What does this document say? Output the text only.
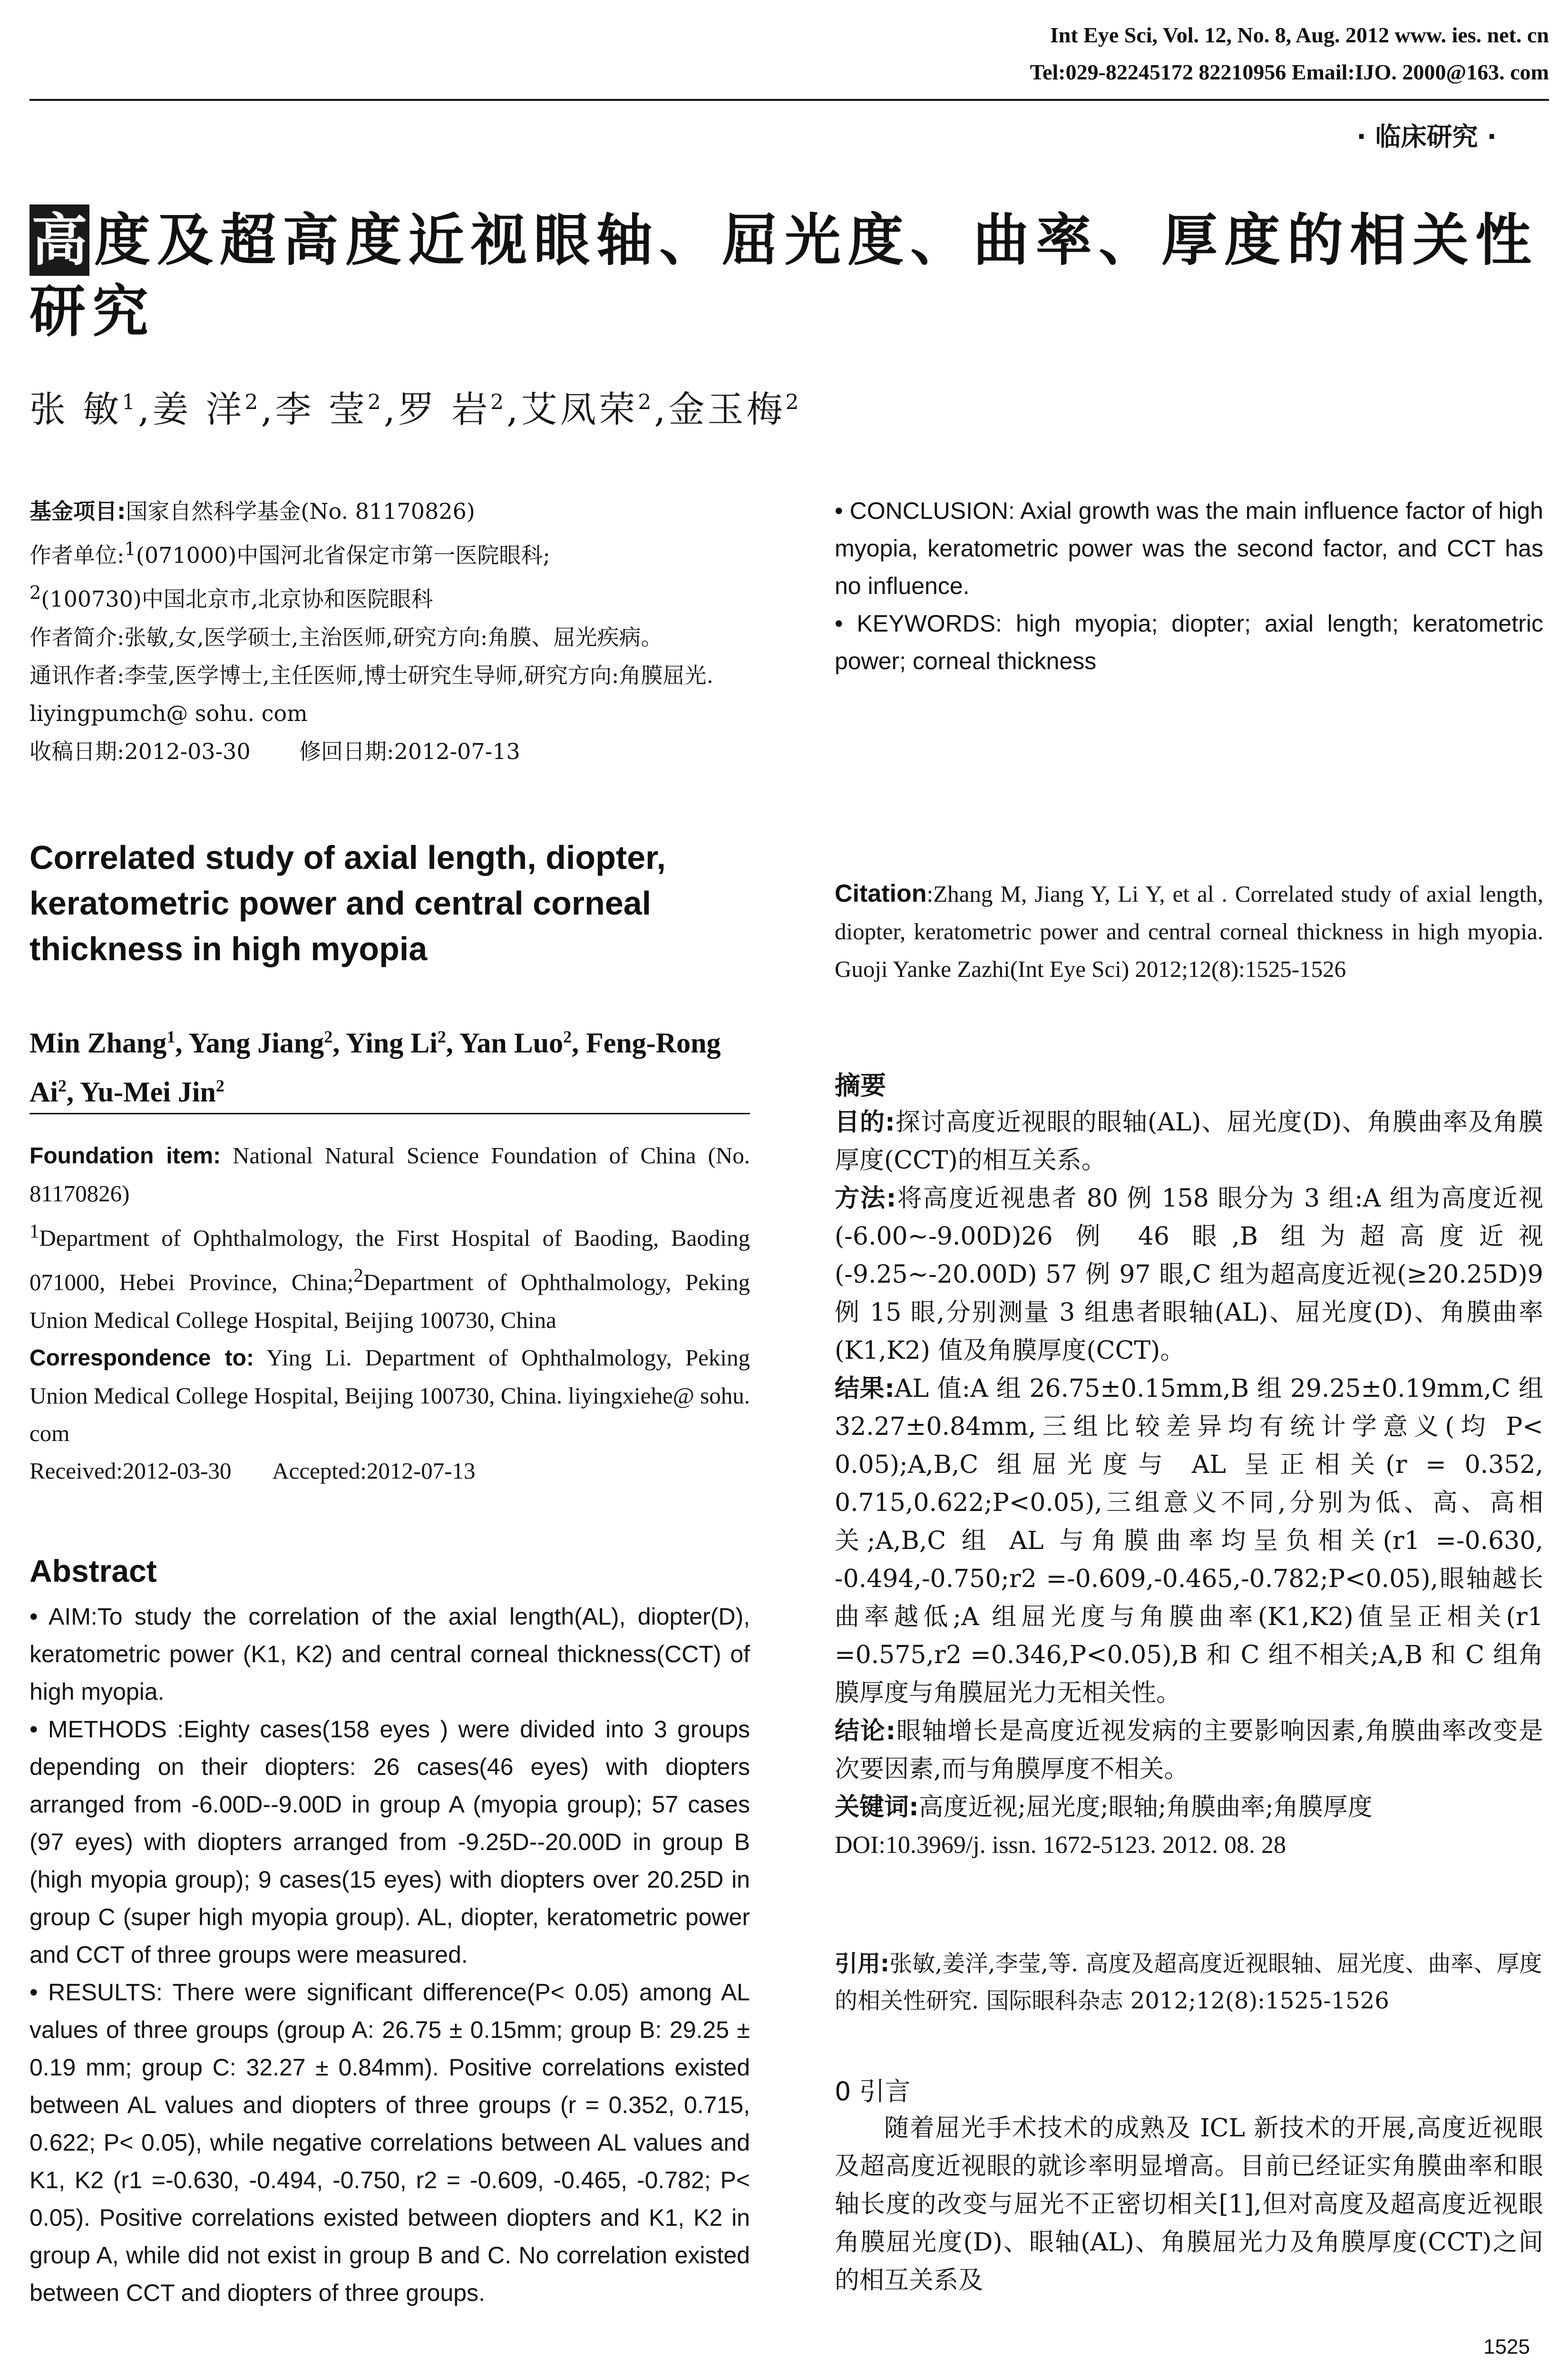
Int Eye Sci, Vol. 12, No. 8, Aug. 2012 www. ies. net. cn
Tel:029-82245172 82210956 Email:IJO. 2000@163. com
· 临床研究 ·
高 度及超高度近视眼轴、屈光度、曲率、厚度的相关性研究
张 敏$^1$,姜 洋$^2$,李 莹$^2$,罗 岩$^2$,艾凤荣$^2$,金玉梅$^2$

基金项目:国家自然科学基金(No. 81170826)

作者单位:$^1$(071000)中国河北省保定市第一医院眼科;

$^2$(100730)中国北京市,北京协和医院眼科

作者简介:张敏,女,医学硕士,主治医师,研究方向:角膜、屈光疾病。

通讯作者:李莹,医学博士,主任医师,博士研究生导师,研究方向:角膜屈光. liyingpumch@ sohu. com

收稿日期:2012-03-30 修回日期:2012-07-13

Correlated study of axial length, diopter, keratometric power and central corneal thickness in high myopia
Min Zhang$^1$, Yang Jiang$^2$, Ying Li$^2$, Yan Luo$^2$, Feng-Rong Ai$^2$, Yu-Mei Jin$^2$

Foundation item: National Natural Science Foundation of China (No. 81170826)

$^1$Department of Ophthalmology, the First Hospital of Baoding, Baoding 071000, Hebei Province, China;$^2$Department of Ophthalmology, Peking Union Medical College Hospital, Beijing 100730, China

Correspondence to: Ying Li. Department of Ophthalmology, Peking Union Medical College Hospital, Beijing 100730, China. liyingxiehe@ sohu. com

Received:2012-03-30 Accepted:2012-07-13

Abstract

• AIM:To study the correlation of the axial length(AL), diopter(D), keratometric power (K1, K2) and central corneal thickness(CCT) of high myopia.

• METHODS :Eighty cases(158 eyes ) were divided into 3 groups depending on their diopters: 26 cases(46 eyes) with diopters arranged from -6.00D--9.00D in group A (myopia group); 57 cases (97 eyes) with diopters arranged from -9.25D--20.00D in group B (high myopia group); 9 cases(15 eyes) with diopters over 20.25D in group C (super high myopia group). AL, diopter, keratometric power and CCT of three groups were measured.

• RESULTS: There were significant difference(P< 0.05) among AL values of three groups (group A: 26.75 ± 0.15mm; group B: 29.25 ± 0.19 mm; group C: 32.27 ± 0.84mm). Positive correlations existed between AL values and diopters of three groups (r = 0.352, 0.715, 0.622; P< 0.05), while negative correlations between AL values and K1, K2 (r1 =-0.630, -0.494, -0.750, r2 = -0.609, -0.465, -0.782; P< 0.05). Positive correlations existed between diopters and K1, K2 in group A, while did not exist in group B and C. No correlation existed between CCT and diopters of three groups.

• CONCLUSION: Axial growth was the main influence factor of high myopia, keratometric power was the second factor, and CCT has no influence.

• KEYWORDS: high myopia; diopter; axial length; keratometric power; corneal thickness

Citation:Zhang M, Jiang Y, Li Y, et al . Correlated study of axial length, diopter, keratometric power and central corneal thickness in high myopia. Guoji Yanke Zazhi(Int Eye Sci) 2012;12(8):1525-1526

摘要

目的:探讨高度近视眼的眼轴(AL)、屈光度(D)、角膜曲率及角膜厚度(CCT)的相互关系。

方法:将高度近视患者 80 例 158 眼分为 3 组:A 组为高度近视(-6.00~-9.00D)26 例 46 眼,B 组为超高度近视(-9.25~-20.00D) 57 例 97 眼,C 组为超高度近视(≥20.25D)9 例 15 眼,分别测量 3 组患者眼轴(AL)、屈光度(D)、角膜曲率(K1,K2) 值及角膜厚度(CCT)。

结果:AL 值:A 组 26.75±0.15mm,B 组 29.25±0.19mm,C 组 32.27±0.84mm,三组比较差异均有统计学意义(均 P< 0.05);A,B,C 组屈光度与 AL 呈正相关(r = 0.352, 0.715,0.622;P<0.05),三组意义不同,分别为低、高、高相关;A,B,C 组 AL 与角膜曲率均呈负相关(r1 =-0.630, -0.494,-0.750;r2 =-0.609,-0.465,-0.782;P<0.05),眼轴越长曲率越低;A 组屈光度与角膜曲率(K1,K2)值呈正相关(r1 =0.575,r2 =0.346,P<0.05),B 和 C 组不相关;A,B 和 C 组角膜厚度与角膜屈光力无相关性。

结论:眼轴增长是高度近视发病的主要影响因素,角膜曲率改变是次要因素,而与角膜厚度不相关。

关键词:高度近视;屈光度;眼轴;角膜曲率;角膜厚度

DOI:10.3969/j. issn. 1672-5123. 2012. 08. 28

引用:张敏,姜洋,李莹,等. 高度及超高度近视眼轴、屈光度、曲率、厚度的相关性研究. 国际眼科杂志 2012;12(8):1525-1526

0 引言

随着屈光手术技术的成熟及 ICL 新技术的开展,高度近视眼及超高度近视眼的就诊率明显增高。目前已经证实角膜曲率和眼轴长度的改变与屈光不正密切相关[1],但对高度及超高度近视眼角膜屈光度(D)、眼轴(AL)、角膜屈光力及角膜厚度(CCT)之间的相互关系及

1525
